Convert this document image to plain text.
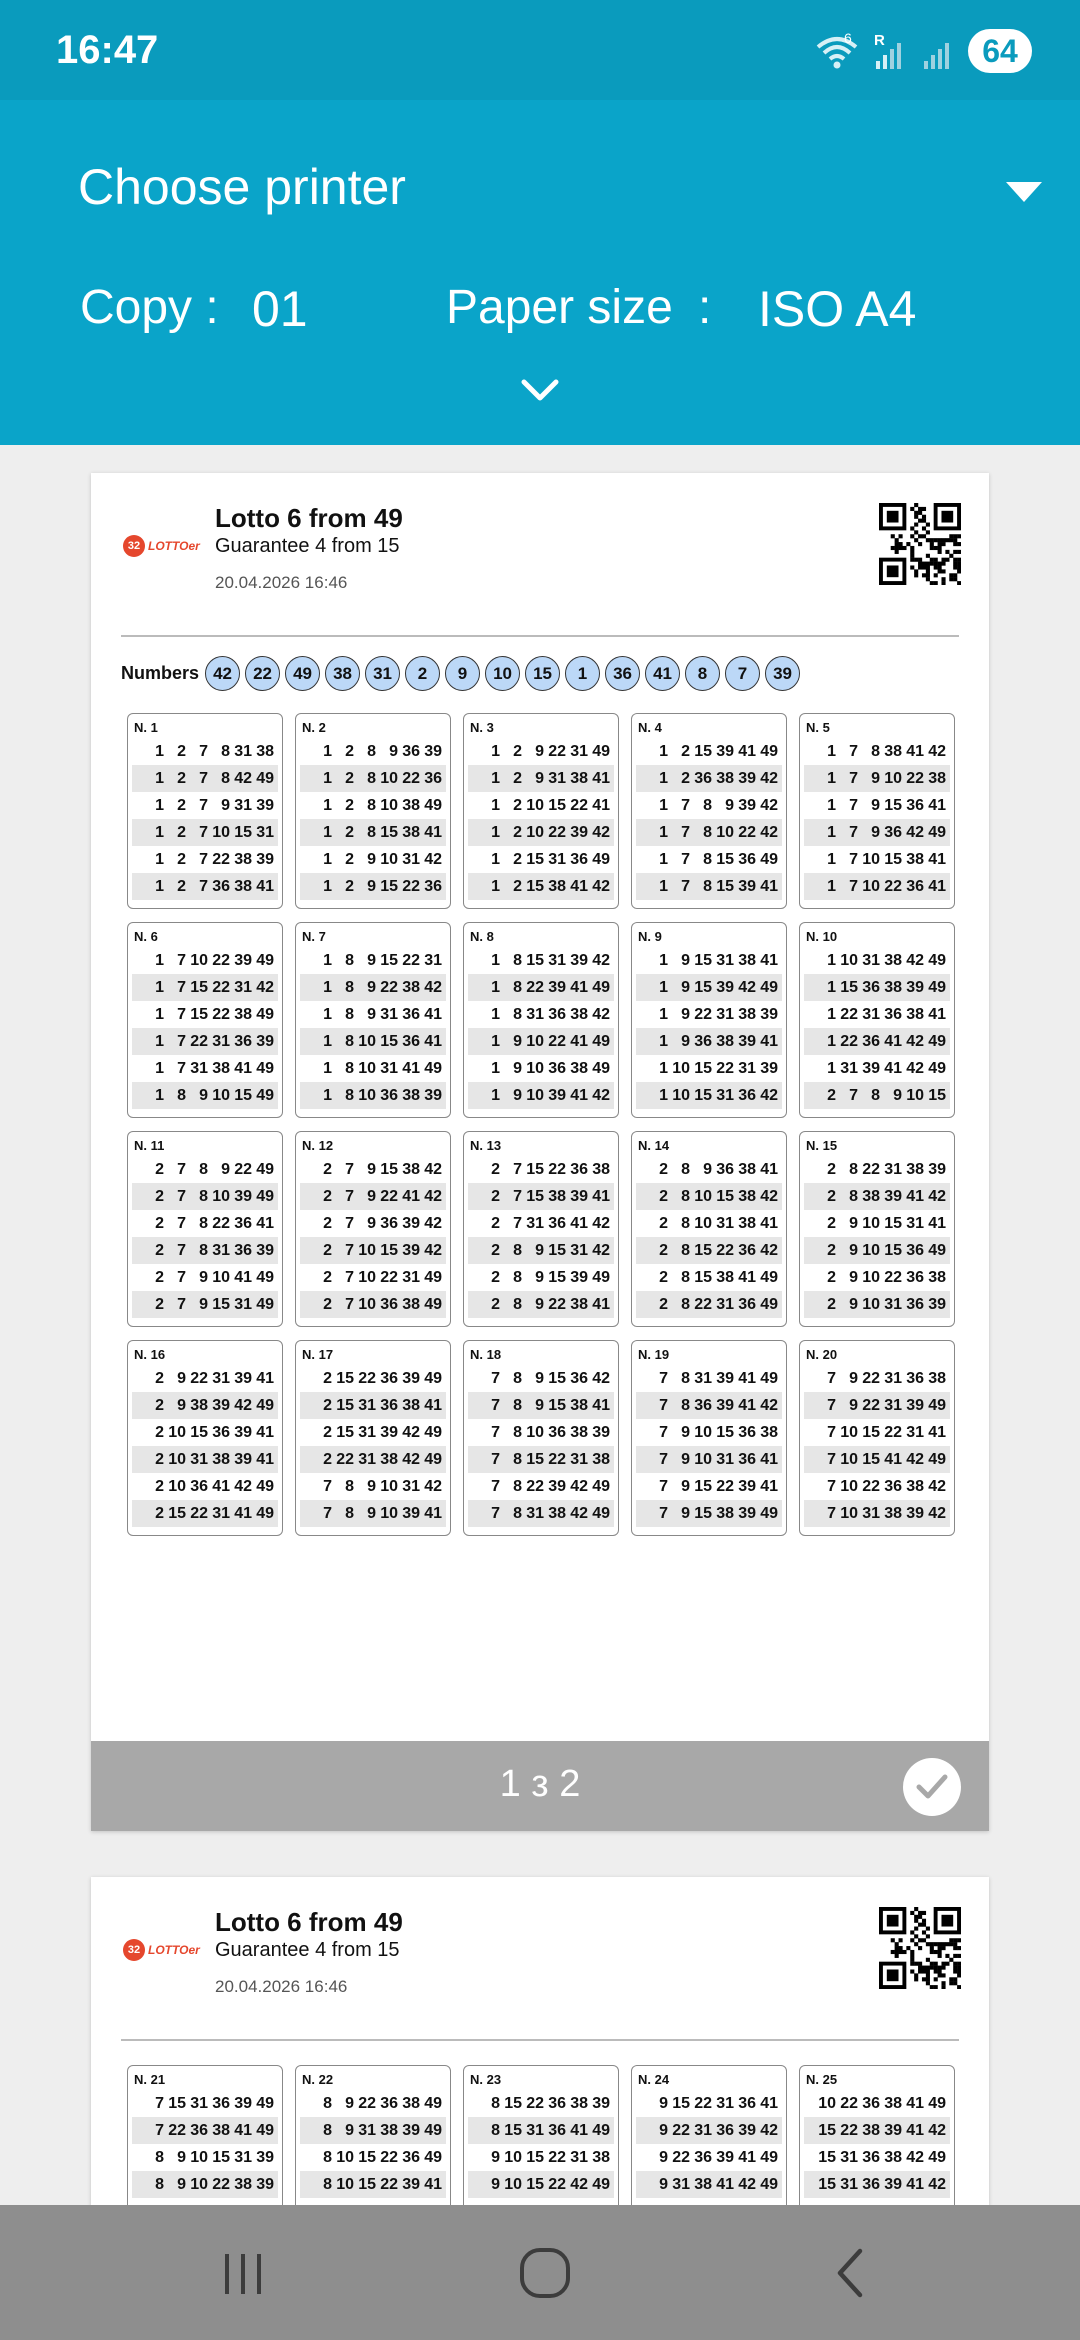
16:47	6 R	64
Choose printer
Copy : 01	Paper size : ISO A4
32 LOTTOer
Lotto 6 from 49
Guarantee 4 from 15
20.04.2026 16:46
Numbers 42	22	49	38	31	2	9	10	15	1	36	41	8	7	39
N. 1
1 2 7 8 31 38
1 2 7 8 42 49
1 2 7 9 31 39
1 2 7 10 15 31
1 2 7 22 38 39
1 2 7 36 38 41
N. 2
1 2 8 9 36 39
1 2 8 10 22 36
1 2 8 10 38 49
1 2 8 15 38 41
1 2 9 10 31 42
1 2 9 15 22 36
N. 3
1 2 9 22 31 49
1 2 9 31 38 41
1 2 10 15 22 41
1 2 10 22 39 42
1 2 15 31 36 49
1 2 15 38 41 42
N. 4
1 2 15 39 41 49
1 2 36 38 39 42
1 7 8 9 39 42
1 7 8 10 22 42
1 7 8 15 36 49
1 7 8 15 39 41
N. 5
1 7 8 38 41 42
1 7 9 10 22 38
1 7 9 15 36 41
1 7 9 36 42 49
1 7 10 15 38 41
1 7 10 22 36 41
N. 6
1 7 10 22 39 49
1 7 15 22 31 42
1 7 15 22 38 49
1 7 22 31 36 39
1 7 31 38 41 49
1 8 9 10 15 49
N. 7
1 8 9 15 22 31
1 8 9 22 38 42
1 8 9 31 36 41
1 8 10 15 36 41
1 8 10 31 41 49
1 8 10 36 38 39
N. 8
1 8 15 31 39 42
1 8 22 39 41 49
1 8 31 36 38 42
1 9 10 22 41 49
1 9 10 36 38 49
1 9 10 39 41 42
N. 9
1 9 15 31 38 41
1 9 15 39 42 49
1 9 22 31 38 39
1 9 36 38 39 41
1 10 15 22 31 39
1 10 15 31 36 42
N. 10
1 10 31 38 42 49
1 15 36 38 39 49
1 22 31 36 38 41
1 22 36 41 42 49
1 31 39 41 42 49
2 7 8 9 10 15
N. 11
2 7 8 9 22 49
2 7 8 10 39 49
2 7 8 22 36 41
2 7 8 31 36 39
2 7 9 10 41 49
2 7 9 15 31 49
N. 12
2 7 9 15 38 42
2 7 9 22 41 42
2 7 9 36 39 42
2 7 10 15 39 42
2 7 10 22 31 49
2 7 10 36 38 49
N. 13
2 7 15 22 36 38
2 7 15 38 39 41
2 7 31 36 41 42
2 8 9 15 31 42
2 8 9 15 39 49
2 8 9 22 38 41
N. 14
2 8 9 36 38 41
2 8 10 15 38 42
2 8 10 31 38 41
2 8 15 22 36 42
2 8 15 38 41 49
2 8 22 31 36 49
N. 15
2 8 22 31 38 39
2 8 38 39 41 42
2 9 10 15 31 41
2 9 10 15 36 49
2 9 10 22 36 38
2 9 10 31 36 39
N. 16
2 9 22 31 39 41
2 9 38 39 42 49
2 10 15 36 39 41
2 10 31 38 39 41
2 10 36 41 42 49
2 15 22 31 41 49
N. 17
2 15 22 36 39 49
2 15 31 36 38 41
2 15 31 39 42 49
2 22 31 38 42 49
7 8 9 10 31 42
7 8 9 10 39 41
N. 18
7 8 9 15 36 42
7 8 9 15 38 41
7 8 10 36 38 39
7 8 15 22 31 38
7 8 22 39 42 49
7 8 31 38 42 49
N. 19
7 8 31 39 41 49
7 8 36 39 41 42
7 9 10 15 36 38
7 9 10 31 36 41
7 9 15 22 39 41
7 9 15 38 39 49
N. 20
7 9 22 31 36 38
7 9 22 31 39 49
7 10 15 22 31 41
7 10 15 41 42 49
7 10 22 36 38 42
7 10 31 38 39 42
1 з 2
32 LOTTOer
Lotto 6 from 49
Guarantee 4 from 15
20.04.2026 16:46
N. 21
7 15 31 36 39 49
7 22 36 38 41 49
8 9 10 15 31 39
8 9 10 22 38 39
N. 22
8 9 22 36 38 49
8 9 31 38 39 49
8 10 15 22 36 49
8 10 15 22 39 41
N. 23
8 15 22 36 38 39
8 15 31 36 41 49
9 10 15 22 31 38
9 10 15 22 42 49
N. 24
9 15 22 31 36 41
9 22 31 36 39 42
9 22 36 39 41 49
9 31 38 41 42 49
N. 25
10 22 36 38 41 49
15 22 38 39 41 42
15 31 36 38 42 49
15 31 36 39 41 42
